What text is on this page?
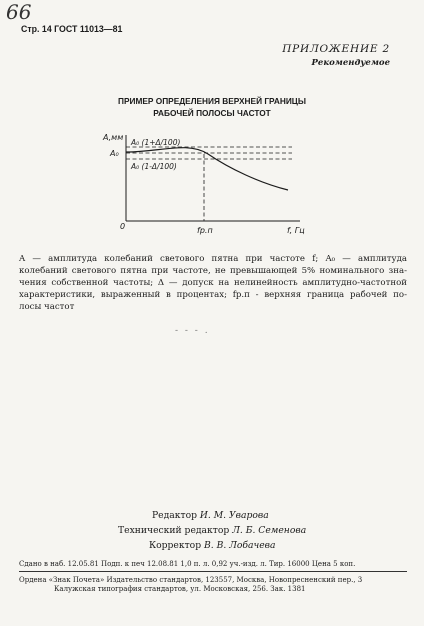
66
Стр. 14 ГОСТ 11013—81
ПРИЛОЖЕНИЕ 2
Рекомендуемое
ПРИМЕР ОПРЕДЕЛЕНИЯ ВЕРХНЕЙ ГРАНИЦЫ
РАБОЧЕЙ ПОЛОСЫ ЧАСТОТ
A,мм
A₀
A₀ (1+Δ/100)
A₀ (1-Δ/100)
0	fр.п	f, Гц
A — амплитуда колебаний светового пятна при частоте f; A₀ — амплитуда
колебаний светового пятна при частоте, не превышающей 5% номинального зна-
чения собственной частоты; Δ — допуск на нелинейность амплитудно-частотной
характеристики, выраженный в процентах; fр.п - верхняя граница рабочей по-
лосы частот
- - - .
Редактор И. М. Уварова
Технический редактор Л. Б. Семенова
Корректор В. В. Лобачева
Сдано в наб. 12.05.81 Подп. к печ 12.08.81 1,0 п. л. 0,92 уч.-изд. л. Тир. 16000 Цена 5 коп.
Ордена «Знак Почета» Издательство стандартов, 123557, Москва, Новопресненский пер., 3
Калужская типография стандартов, ул. Московская, 256. Зак. 1381
